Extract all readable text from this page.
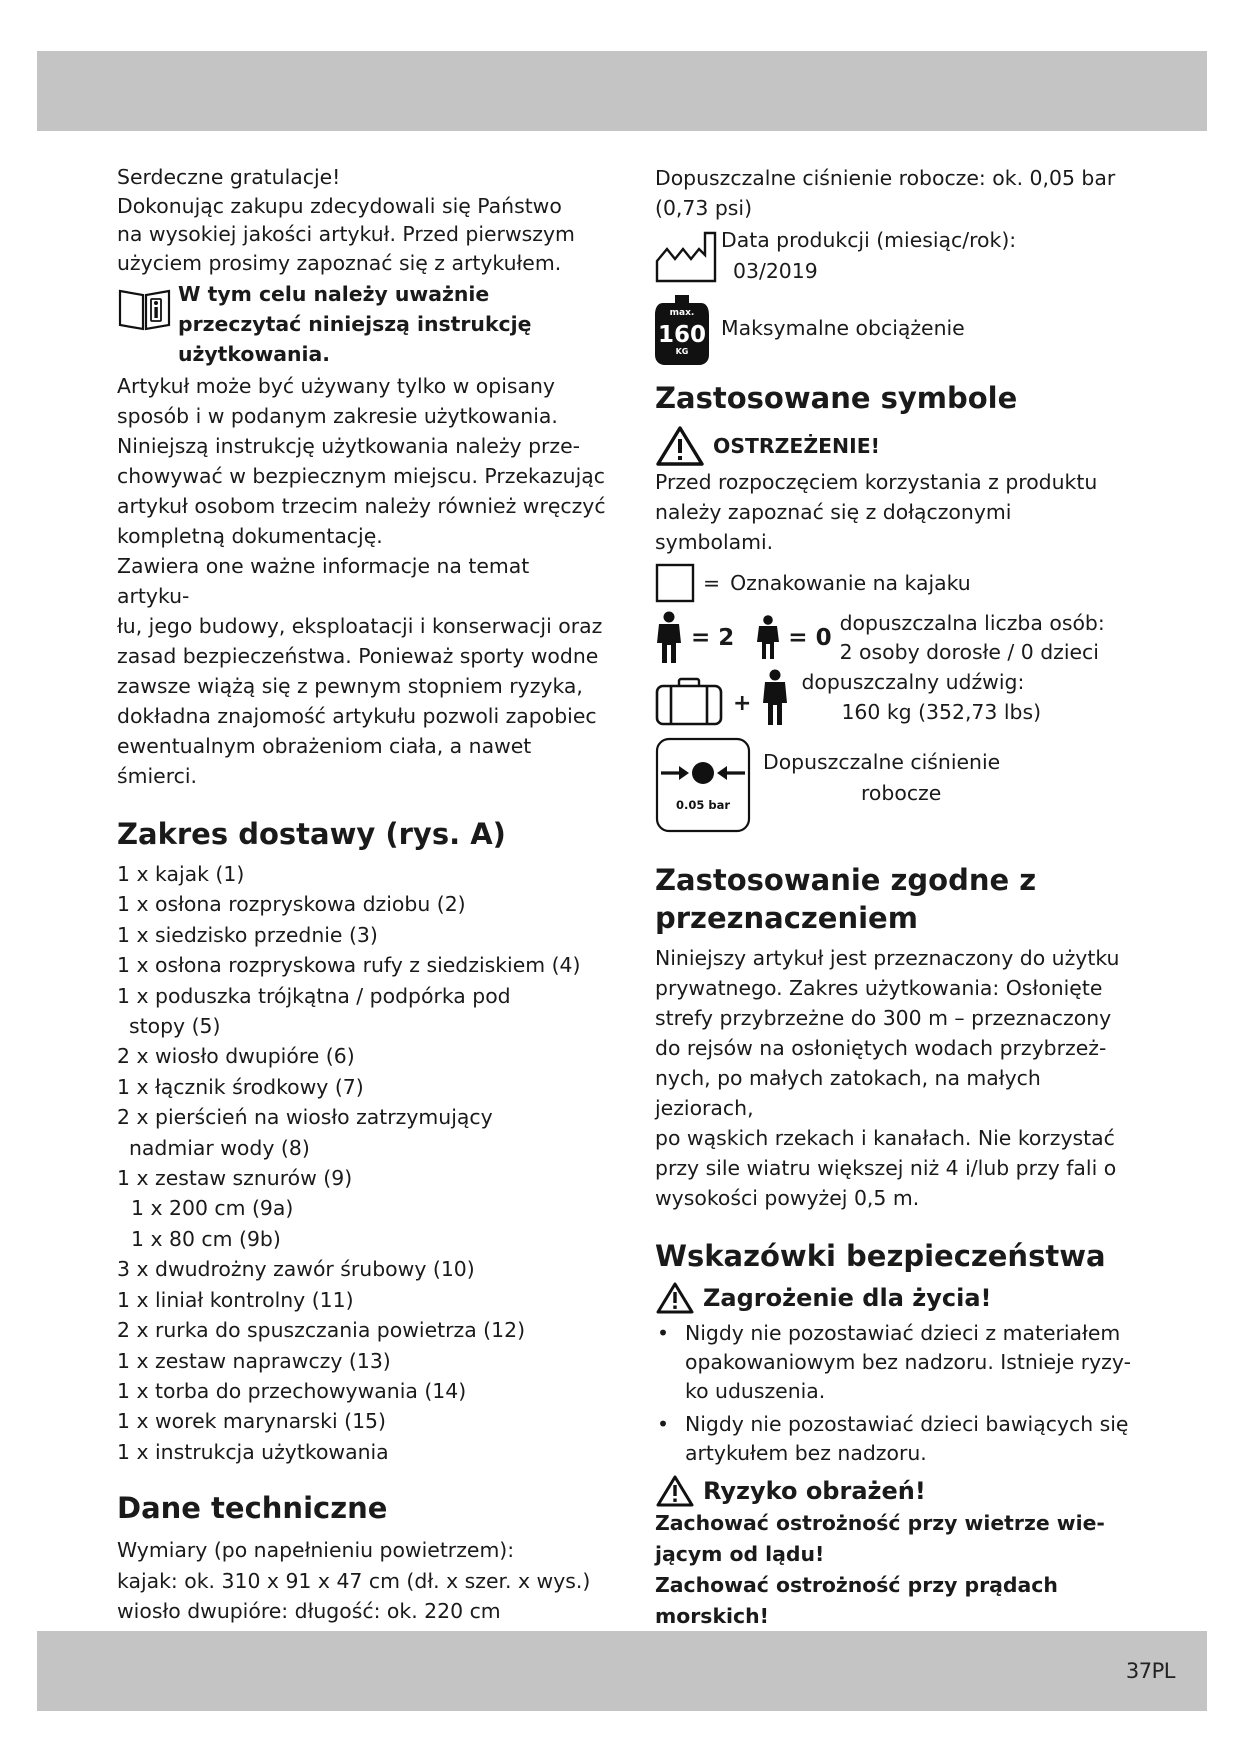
Serdeczne gratulacje!

Dokonując zakupu zdecydowali się Państwo

na wysokiej jakości artykuł. Przed pierwszym

użyciem prosimy zapoznać się z artykułem.

W tym celu należy uważnie
przeczytać niniejszą instrukcję
użytkowania.

Artykuł może być używany tylko w opisany

sposób i w podanym zakresie użytkowania.

Niniejszą instrukcję użytkowania należy prze-

chowywać w bezpiecznym miejscu. Przekazując

artykuł osobom trzecim należy również wręczyć

kompletną dokumentację.

Zawiera one ważne informacje na temat artyku-

łu, jego budowy, eksploatacji i konserwacji oraz

zasad bezpieczeństwa. Ponieważ sporty wodne

zawsze wiążą się z pewnym stopniem ryzyka,

dokładna znajomość artykułu pozwoli zapobiec

ewentualnym obrażeniom ciała, a nawet śmierci.

Zakres dostawy (rys. A)
1 x kajak (1)
1 x osłona rozpryskowa dziobu (2)
1 x siedzisko przednie (3)
1 x osłona rozpryskowa rufy z siedziskiem (4)
1 x poduszka trójkątna / podpórka pod
stopy (5)
2 x wiosło dwupióre (6)
1 x łącznik środkowy (7)
2 x pierścień na wiosło zatrzymujący
nadmiar wody (8)
1 x zestaw sznurów (9)
1 x 200 cm (9a)
1 x 80 cm (9b)
3 x dwudrożny zawór śrubowy (10)
1 x liniał kontrolny (11)
2 x rurka do spuszczania powietrza (12)
1 x zestaw naprawczy (13)
1 x torba do przechowywania (14)
1 x worek marynarski (15)
1 x instrukcja użytkowania
Dane techniczne
Wymiary (po napełnieniu powietrzem):
kajak: ok. 310 x 91 x 47 cm (dł. x szer. x wys.)
wiosło dwupióre: długość: ok. 220 cm

Dopuszczalne ciśnienie robocze: ok. 0,05 bar

(0,73 psi)

Data produkcji (miesiąc/rok):
03/2019
max.
160
KG
Maksymalne obciążenie
Zastosowane symbole
OSTRZEŻENIE!

Przed rozpoczęciem korzystania z produktu

należy zapoznać się z dołączonymi symbolami.

= Oznakowanie na kajaku
= 2 = 0
dopuszczalna liczba osób:
2 osoby dorosłe / 0 dzieci
+
dopuszczalny udźwig:
160 kg (352,73 lbs)
0.05 bar
Dopuszczalne ciśnienie
robocze
Zastosowanie zgodne z
przeznaczeniem

Niniejszy artykuł jest przeznaczony do użytku

prywatnego. Zakres użytkowania: Osłonięte

strefy przybrzeżne do 300 m – przeznaczony

do rejsów na osłoniętych wodach przybrzeż-

nych, po małych zatokach, na małych jeziorach,

po wąskich rzekach i kanałach. Nie korzystać

przy sile wiatru większej niż 4 i/lub przy fali o

wysokości powyżej 0,5 m.

Wskazówki bezpieczeństwa
Zagrożenie dla życia!
• Nigdy nie pozostawiać dzieci z materiałem
opakowaniowym bez nadzoru. Istnieje ryzy-
ko uduszenia.
• Nigdy nie pozostawiać dzieci bawiących się
artykułem bez nadzoru.
Ryzyko obrażeń!
Zachować ostrożność przy wietrze wie-
jącym od lądu!
Zachować ostrożność przy prądach
morskich!
37PL
